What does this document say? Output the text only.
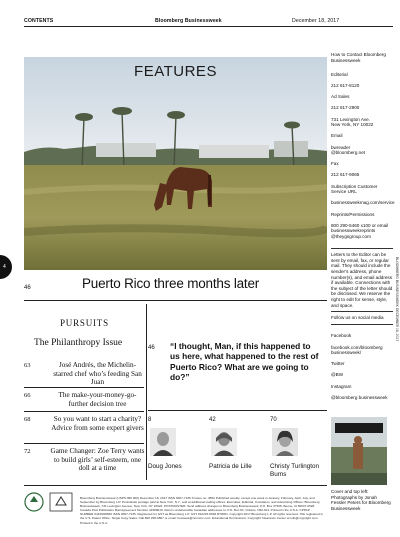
CONTENTS	Bloomberg Businessweek	December 18, 2017
4
FEATURES
46	Puerto Rico three months later
PURSUITS
The Philanthropy Issue
63	José Andrés, the Michelin-starred chef who’s feeding San Juan
66	The make-your-money-go-further decision tree
68	So you want to start a charity? Advice from some expert givers
72	Game Changer: Zoe Terry wants to build girls’ self-esteem, one doll at a time
46 “I thought, Man, if this happened to us here, what happened to the rest of Puerto Rico? What are we going to do?”
8
Doug Jones
42
Patricia de Lille
70
Christy Turlington Burns
How to Contact Bloomberg Businessweek

Editorial

212 617-8120

Ad Sales

212 617-2900

731 Lexington Ave.
New York, NY 10022

Email

bwreader
@bloomberg.net

Fax

212 617-9065

Subscription Customer Service URL

businessweekmag.com/service

Reprints/Permissions

800 290-5460 x100 or email businessweekreprints @theygsgroup.com

Letters to the Editor can be sent by email, fax, or regular mail. They should include the sender’s address, phone number(s), and email address if available. Connections with the subject of the letter should be disclosed. We reserve the right to edit for sense, style, and space.
Follow us on social media

Facebook

facebook.com/bloomberg businessweek/

Twitter

@BW

Instagram

@bloomberg businessweek

Cover and top left: Photographs by Jonah Fessler Peters for Bloomberg Businessweek
BLOOMBERG BUSINESSWEEK DECEMBER 18, 2017
Bloomberg Businessweek (USPS 080 900) December 18, 2017 ISSN 0007-7135 S Issue no. 4552 Published weekly, except one week in January, February, April, July, and September by Bloomberg L.P. Periodicals postage paid at New York, N.Y., and at additional mailing offices. Executive, Editorial, Circulation, and Advertising Offices: Bloomberg Businessweek, 731 Lexington Avenue, New York, NY 10022. POSTMASTER: Send address changes to Bloomberg Businessweek, P.O. Box 37528, Boone, IA 50037-0528. Canada Post Publication Mail Agreement Number 41989019. Return undeliverable Canadian addresses to: P.O. Box 81; Ontario, N9A 6J4. Printed in the U.S.A. CPPAP NUMBER 0414N68830 ISSN 0007-7135. Registered for GST as Bloomberg L.P. GST #12293 8038 RT0001. Copyright 2017 Bloomberg L.P. All rights reserved. Title registered in the U.S. Patent Office. Single Copy Sales: Call 800 298-9867 or email: busweek@nrmsinc.com. Educational Permissions: Copyright Clearance Center at info@copyright.com. Printed in the U.S.A.
